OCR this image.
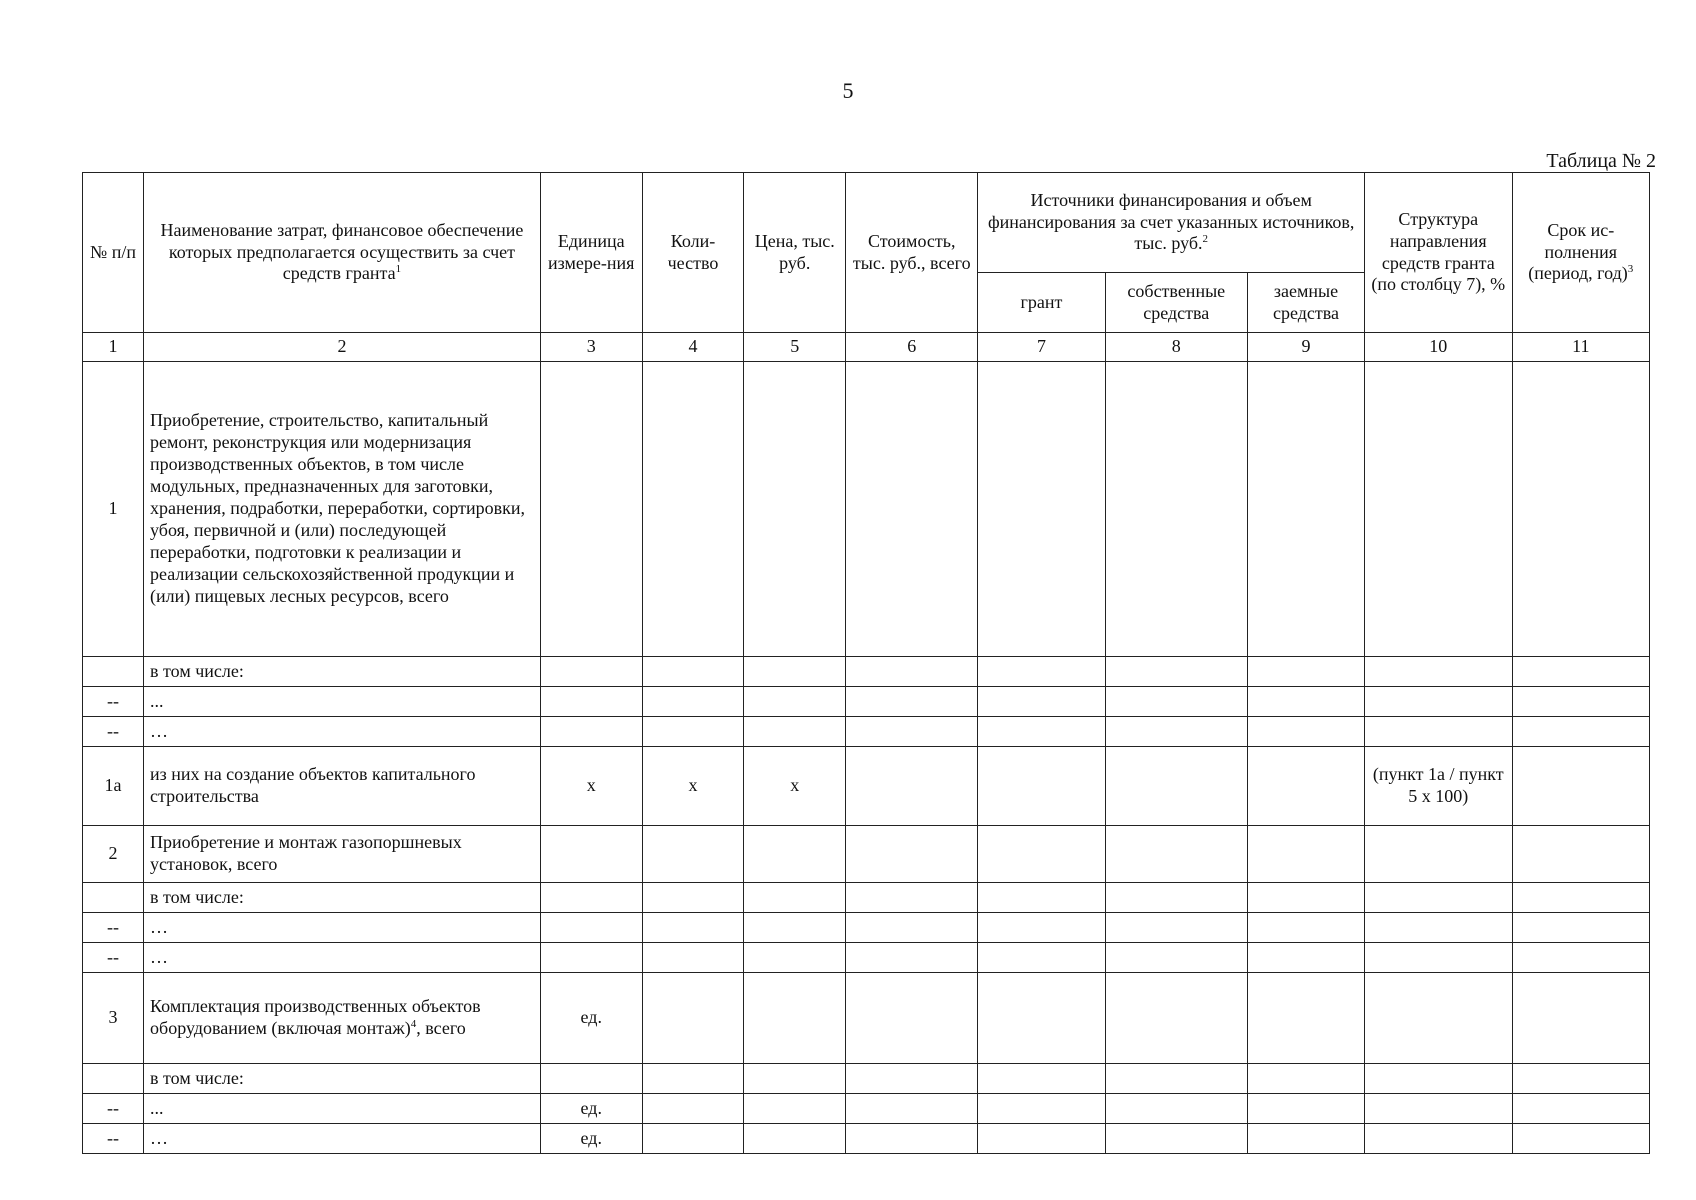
5
Таблица № 2
№ п/п	Наименование затрат, финансовое обеспечение которых предполагается осуществить за счет средств гранта$^1$	Единица измере-ния	Коли-чество	Цена, тыс. руб.	Стоимость, тыс. руб., всего	Источники финансирования и объем финансирования за счет указанных источников, тыс. руб.$^2$			Структура направления средств гранта (по столбцу 7), %	Срок ис-полнения (период, год)$^3$
						грант	собственные средства	заемные средства		
1	2	3	4	5	6	7	8	9	10	11
1	Приобретение, строительство, капитальный ремонт, реконструкция или модернизация производственных объектов, в том числе модульных, предназначенных для заготовки, хранения, подработки, переработки, сортировки, убоя, первичной и (или) последующей переработки, подготовки к реализации и реализации сельскохозяйственной продукции и (или) пищевых лесных ресурсов, всего									
	в том числе:									
--	...									
--	…									
1а	из них на создание объектов капитального строительства	х	х	х					(пункт 1а / пункт 5 х 100)	
2	Приобретение и монтаж газопоршневых установок, всего									
	в том числе:									
--	…									
--	…									
3	Комплектация производственных объектов оборудованием (включая монтаж)$^4$, всего	ед.								
	в том числе:									
--	...	ед.								
--	…	ед.								
